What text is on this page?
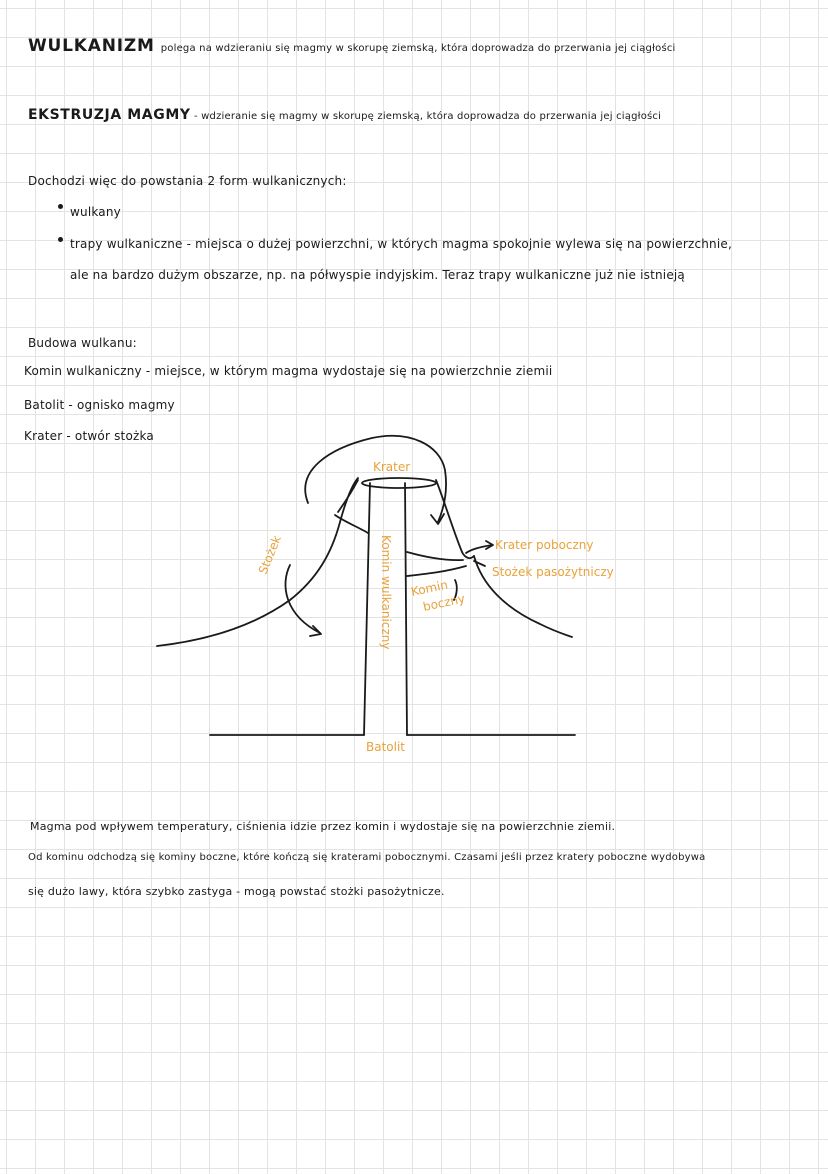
WULKANIZM polega na wdzieraniu się magmy w skorupę ziemską, która doprowadza do przerwania jej ciągłości
EKSTRUZJA MAGMY - wdzieranie się magmy w skorupę ziemską, która doprowadza do przerwania jej ciągłości
Dochodzi więc do powstania 2 form wulkanicznych:
wulkany
trapy wulkaniczne - miejsca o dużej powierzchni, w których magma spokojnie wylewa się na powierzchnie,
ale na bardzo dużym obszarze, np. na półwyspie indyjskim. Teraz trapy wulkaniczne już nie istnieją
Budowa wulkanu:
Komin wulkaniczny - miejsce, w którym magma wydostaje się na powierzchnie ziemii
Batolit - ognisko magmy
Krater - otwór stożka
Krater
Stożek	Komin wulkaniczny	Krater poboczny
Stożek pasożytniczy
Komin
boczny
Batolit
Magma pod wpływem temperatury, ciśnienia idzie przez komin i wydostaje się na powierzchnie ziemii.
Od kominu odchodzą się kominy boczne, które kończą się kraterami pobocznymi. Czasami jeśli przez kratery poboczne wydobywa
się dużo lawy, która szybko zastyga - mogą powstać stożki pasożytnicze.
